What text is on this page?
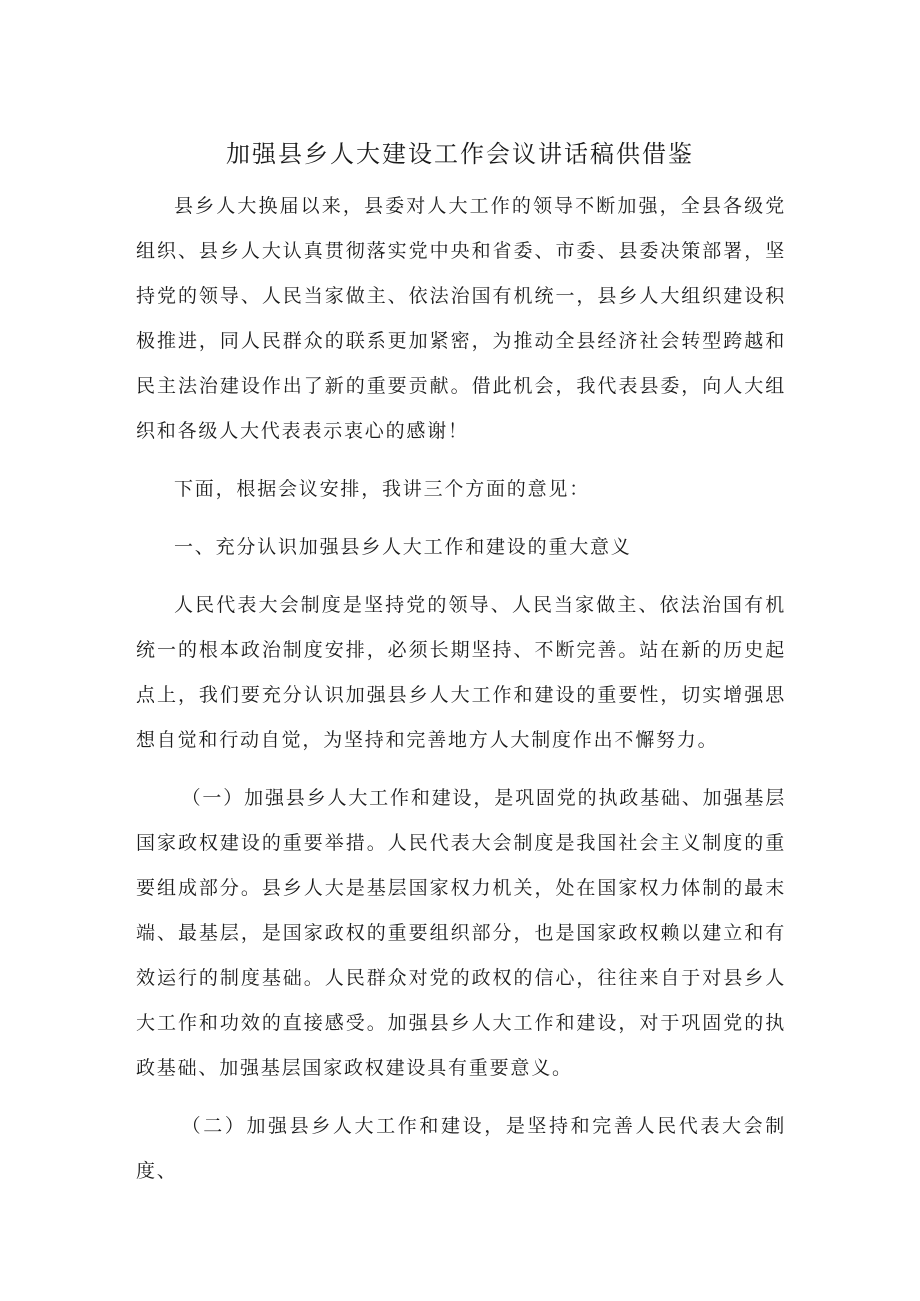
加强县乡人大建设工作会议讲话稿供借鉴

县乡人大换届以来，县委对人大工作的领导不断加强，全县各级党组织、县乡人大认真贯彻落实党中央和省委、市委、县委决策部署，坚持党的领导、人民当家做主、依法治国有机统一，县乡人大组织建设积极推进，同人民群众的联系更加紧密，为推动全县经济社会转型跨越和民主法治建设作出了新的重要贡献。借此机会，我代表县委，向人大组织和各级人大代表表示衷心的感谢！

下面，根据会议安排，我讲三个方面的意见：

一、充分认识加强县乡人大工作和建设的重大意义

人民代表大会制度是坚持党的领导、人民当家做主、依法治国有机统一的根本政治制度安排，必须长期坚持、不断完善。站在新的历史起点上，我们要充分认识加强县乡人大工作和建设的重要性，切实增强思想自觉和行动自觉，为坚持和完善地方人大制度作出不懈努力。

（一）加强县乡人大工作和建设，是巩固党的执政基础、加强基层国家政权建设的重要举措。人民代表大会制度是我国社会主义制度的重要组成部分。县乡人大是基层国家权力机关，处在国家权力体制的最末端、最基层，是国家政权的重要组织部分，也是国家政权赖以建立和有效运行的制度基础。人民群众对党的政权的信心，往往来自于对县乡人大工作和功效的直接感受。加强县乡人大工作和建设，对于巩固党的执政基础、加强基层国家政权建设具有重要意义。

（二）加强县乡人大工作和建设，是坚持和完善人民代表大会制度、
